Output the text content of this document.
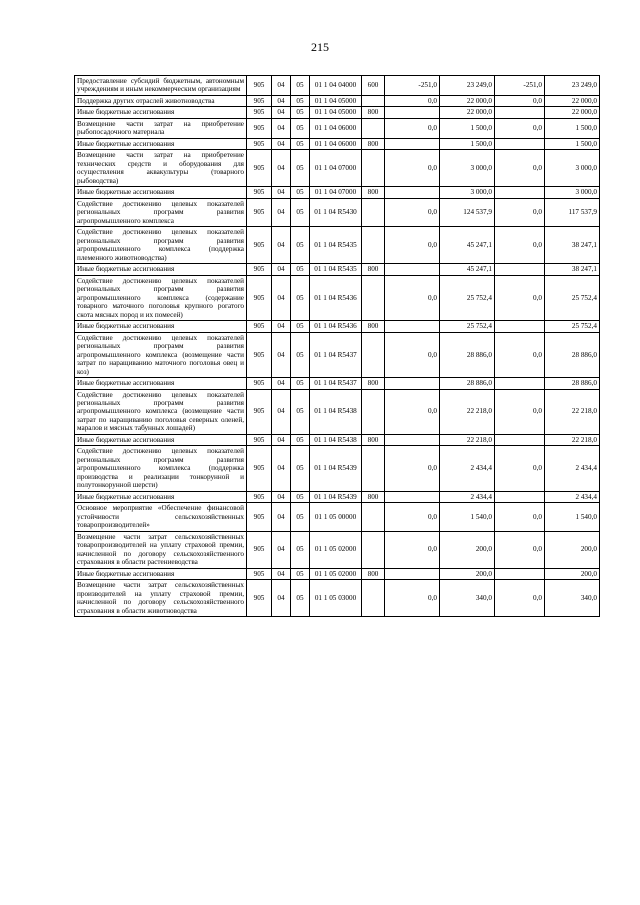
215
Предоставление субсидий бюджетным, автономным учреждениям и иным некоммерческим организациям	905	04	05	01 1 04 04000	600	-251,0	23 249,0	-251,0	23 249,0
Поддержка других отраслей животноводства	905	04	05	01 1 04 05000		0,0	22 000,0	0,0	22 000,0
Иные бюджетные ассигнования	905	04	05	01 1 04 05000	800		22 000,0		22 000,0
Возмещение части затрат на приобретение рыбопосадочного материала	905	04	05	01 1 04 06000		0,0	1 500,0	0,0	1 500,0
Иные бюджетные ассигнования	905	04	05	01 1 04 06000	800		1 500,0		1 500,0
Возмещение части затрат на приобретение технических средств и оборудования для осуществления аквакультуры (товарного рыбоводства)	905	04	05	01 1 04 07000		0,0	3 000,0	0,0	3 000,0
Иные бюджетные ассигнования	905	04	05	01 1 04 07000	800		3 000,0		3 000,0
Содействие достижению целевых показателей региональных программ развития агропромышленного комплекса	905	04	05	01 1 04 R5430		0,0	124 537,9	0,0	117 537,9
Содействие достижению целевых показателей региональных программ развития агропромышленного комплекса (поддержка племенного животноводства)	905	04	05	01 1 04 R5435		0,0	45 247,1	0,0	38 247,1
Иные бюджетные ассигнования	905	04	05	01 1 04 R5435	800		45 247,1		38 247,1
Содействие достижению целевых показателей региональных программ развития агропромышленного комплекса (содержание товарного маточного поголовья крупного рогатого скота мясных пород и их помесей)	905	04	05	01 1 04 R5436		0,0	25 752,4	0,0	25 752,4
Иные бюджетные ассигнования	905	04	05	01 1 04 R5436	800		25 752,4		25 752,4
Содействие достижению целевых показателей региональных программ развития агропромышленного комплекса (возмещение части затрат по наращиванию маточного поголовья овец и коз)	905	04	05	01 1 04 R5437		0,0	28 886,0	0,0	28 886,0
Иные бюджетные ассигнования	905	04	05	01 1 04 R5437	800		28 886,0		28 886,0
Содействие достижению целевых показателей региональных программ развития агропромышленного комплекса (возмещение части затрат по наращиванию поголовья северных оленей, маралов и мясных табунных лошадей)	905	04	05	01 1 04 R5438		0,0	22 218,0	0,0	22 218,0
Иные бюджетные ассигнования	905	04	05	01 1 04 R5438	800		22 218,0		22 218,0
Содействие достижению целевых показателей региональных программ развития агропромышленного комплекса (поддержка производства и реализации тонкорунной и полутонкорунной шерсти)	905	04	05	01 1 04 R5439		0,0	2 434,4	0,0	2 434,4
Иные бюджетные ассигнования	905	04	05	01 1 04 R5439	800		2 434,4		2 434,4
Основное мероприятие «Обеспечение финансовой устойчивости сельскохозяйственных товаропроизводителей»	905	04	05	01 1 05 00000		0,0	1 540,0	0,0	1 540,0
Возмещение части затрат сельскохозяйственных товаропроизводителей на уплату страховой премии, начисленной по договору сельскохозяйственного страхования в области растениеводства	905	04	05	01 1 05 02000		0,0	200,0	0,0	200,0
Иные бюджетные ассигнования	905	04	05	01 1 05 02000	800		200,0		200,0
Возмещение части затрат сельскохозяйственных производителей на уплату страховой премии, начисленной по договору сельскохозяйственного страхования в области животноводства	905	04	05	01 1 05 03000		0,0	340,0	0,0	340,0
